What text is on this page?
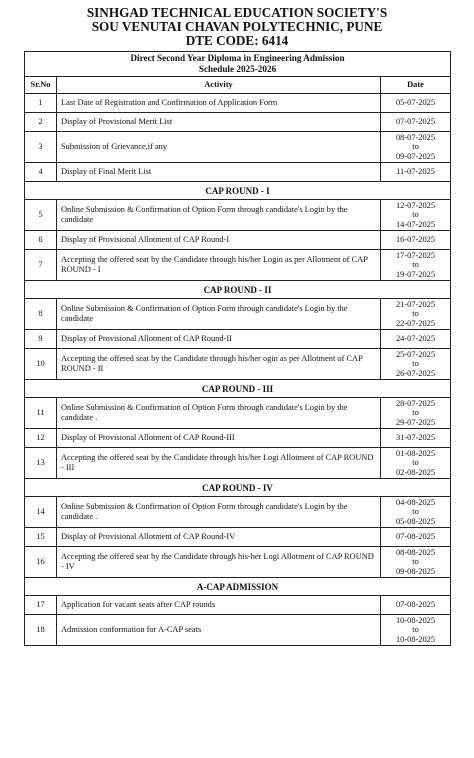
SINHGAD TECHNICAL EDUCATION SOCIETY'S
SOU VENUTAI CHAVAN POLYTECHNIC, PUNE
DTE CODE: 6414
Direct Second Year Diploma in Engineering Admission
Schedule 2025-2026		

Sr.No	Activity	Date
1	Last Date of Registration and Confirmation of Application Form	05-07-2025

2	Display of Provisional Merit List	07-07-2025

3	Submission of Grievance,if any	08-07-2025
to
09-07-2025

4	Display of Final Merit List	11-07-2025

CAP ROUND - I		
5	Online Submission & Confirmation of Option Form through candidate's Login by the candidate	12-07-2025
to
14-07-2025

6	Display of Provisional Allotment of CAP Round-I	16-07-2025

7	Accepting the offered seat by the Candidate through his/her Login as per Allotment of CAP ROUND - I	17-07-2025
to
19-07-2025

CAP ROUND - II		
8	Online Submission & Confirmation of Option Form through candidate's Login by the candidate	21-07-2025
to
22-07-2025

9	Display of Provisional Allotment of CAP Round-II	24-07-2025

10	Accepting the offered seat by the Candidate through his/her ogin as per Allotment of CAP ROUND - II	25-07-2025
to
26-07-2025

CAP ROUND - III		
11	Online Submission & Confirmation of Option Form through candidate's Login by the candidate .	28-07-2025
to
29-07-2025

12	Display of Provisional Allotment of CAP Round-III	31-07-2025

13	Accepting the offered seat by the Candidate through his/her Logi Allotment of CAP ROUND - III	01-08-2025
to
02-08-2025

CAP ROUND - IV		
14	Online Submission & Confirmation of Option Form through candidate's Login by the candidate .	04-08-2025
to
05-08-2025

15	Display of Provisional Allotment of CAP Round-IV	07-08-2025

16	Accepting the offered seat by the Candidate through his-her Logi Allotment of CAP ROUND - IV	08-08-2025
to
09-08-2025

A-CAP ADMISSION		
17	Application for vacant seats after CAP rounds	07-08-2025

18	Admission conformation for A-CAP seats	10-08-2025
to
10-08-2025
